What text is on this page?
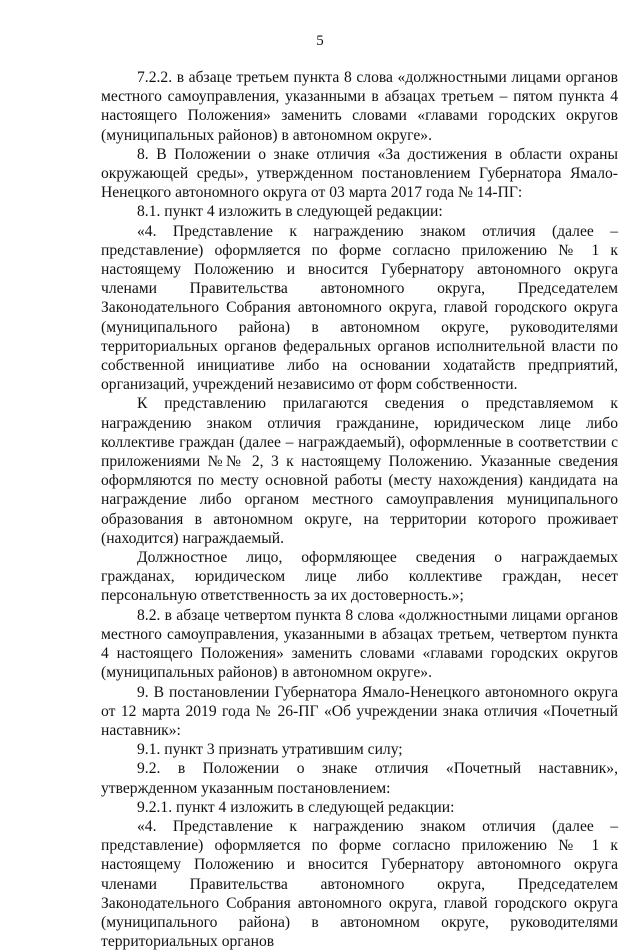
5

7.2.2. в абзаце третьем пункта 8 слова «должностными лицами органов местного самоуправления, указанными в абзацах третьем – пятом пункта 4 настоящего Положения» заменить словами «главами городских округов (муниципальных районов) в автономном округе».

8. В Положении о знаке отличия «За достижения в области охраны окружающей среды», утвержденном постановлением Губернатора Ямало-Ненецкого автономного округа от 03 марта 2017 года № 14-ПГ:

8.1. пункт 4 изложить в следующей редакции:

«4. Представление к награждению знаком отличия (далее – представление) оформляется по форме согласно приложению № 1 к настоящему Положению и вносится Губернатору автономного округа членами Правительства автономного округа, Председателем Законодательного Собрания автономного округа, главой городского округа (муниципального района) в автономном округе, руководителями территориальных органов федеральных органов исполнительной власти по собственной инициативе либо на основании ходатайств предприятий, организаций, учреждений независимо от форм собственности.

К представлению прилагаются сведения о представляемом к награждению знаком отличия гражданине, юридическом лице либо коллективе граждан (далее – награждаемый), оформленные в соответствии с приложениями №№ 2, 3 к настоящему Положению. Указанные сведения оформляются по месту основной работы (месту нахождения) кандидата на награждение либо органом местного самоуправления муниципального образования в автономном округе, на территории которого проживает (находится) награждаемый.

Должностное лицо, оформляющее сведения о награждаемых гражданах, юридическом лице либо коллективе граждан, несет персональную ответственность за их достоверность.»;

8.2. в абзаце четвертом пункта 8 слова «должностными лицами органов местного самоуправления, указанными в абзацах третьем, четвертом пункта 4 настоящего Положения» заменить словами «главами городских округов (муниципальных районов) в автономном округе».

9. В постановлении Губернатора Ямало-Ненецкого автономного округа от 12 марта 2019 года № 26-ПГ «Об учреждении знака отличия «Почетный наставник»:

9.1. пункт 3 признать утратившим силу;

9.2. в Положении о знаке отличия «Почетный наставник», утвержденном указанным постановлением:

9.2.1. пункт 4 изложить в следующей редакции:

«4. Представление к награждению знаком отличия (далее – представление) оформляется по форме согласно приложению № 1 к настоящему Положению и вносится Губернатору автономного округа членами Правительства автономного округа, Председателем Законодательного Собрания автономного округа, главой городского округа (муниципального района) в автономном округе, руководителями территориальных органов
